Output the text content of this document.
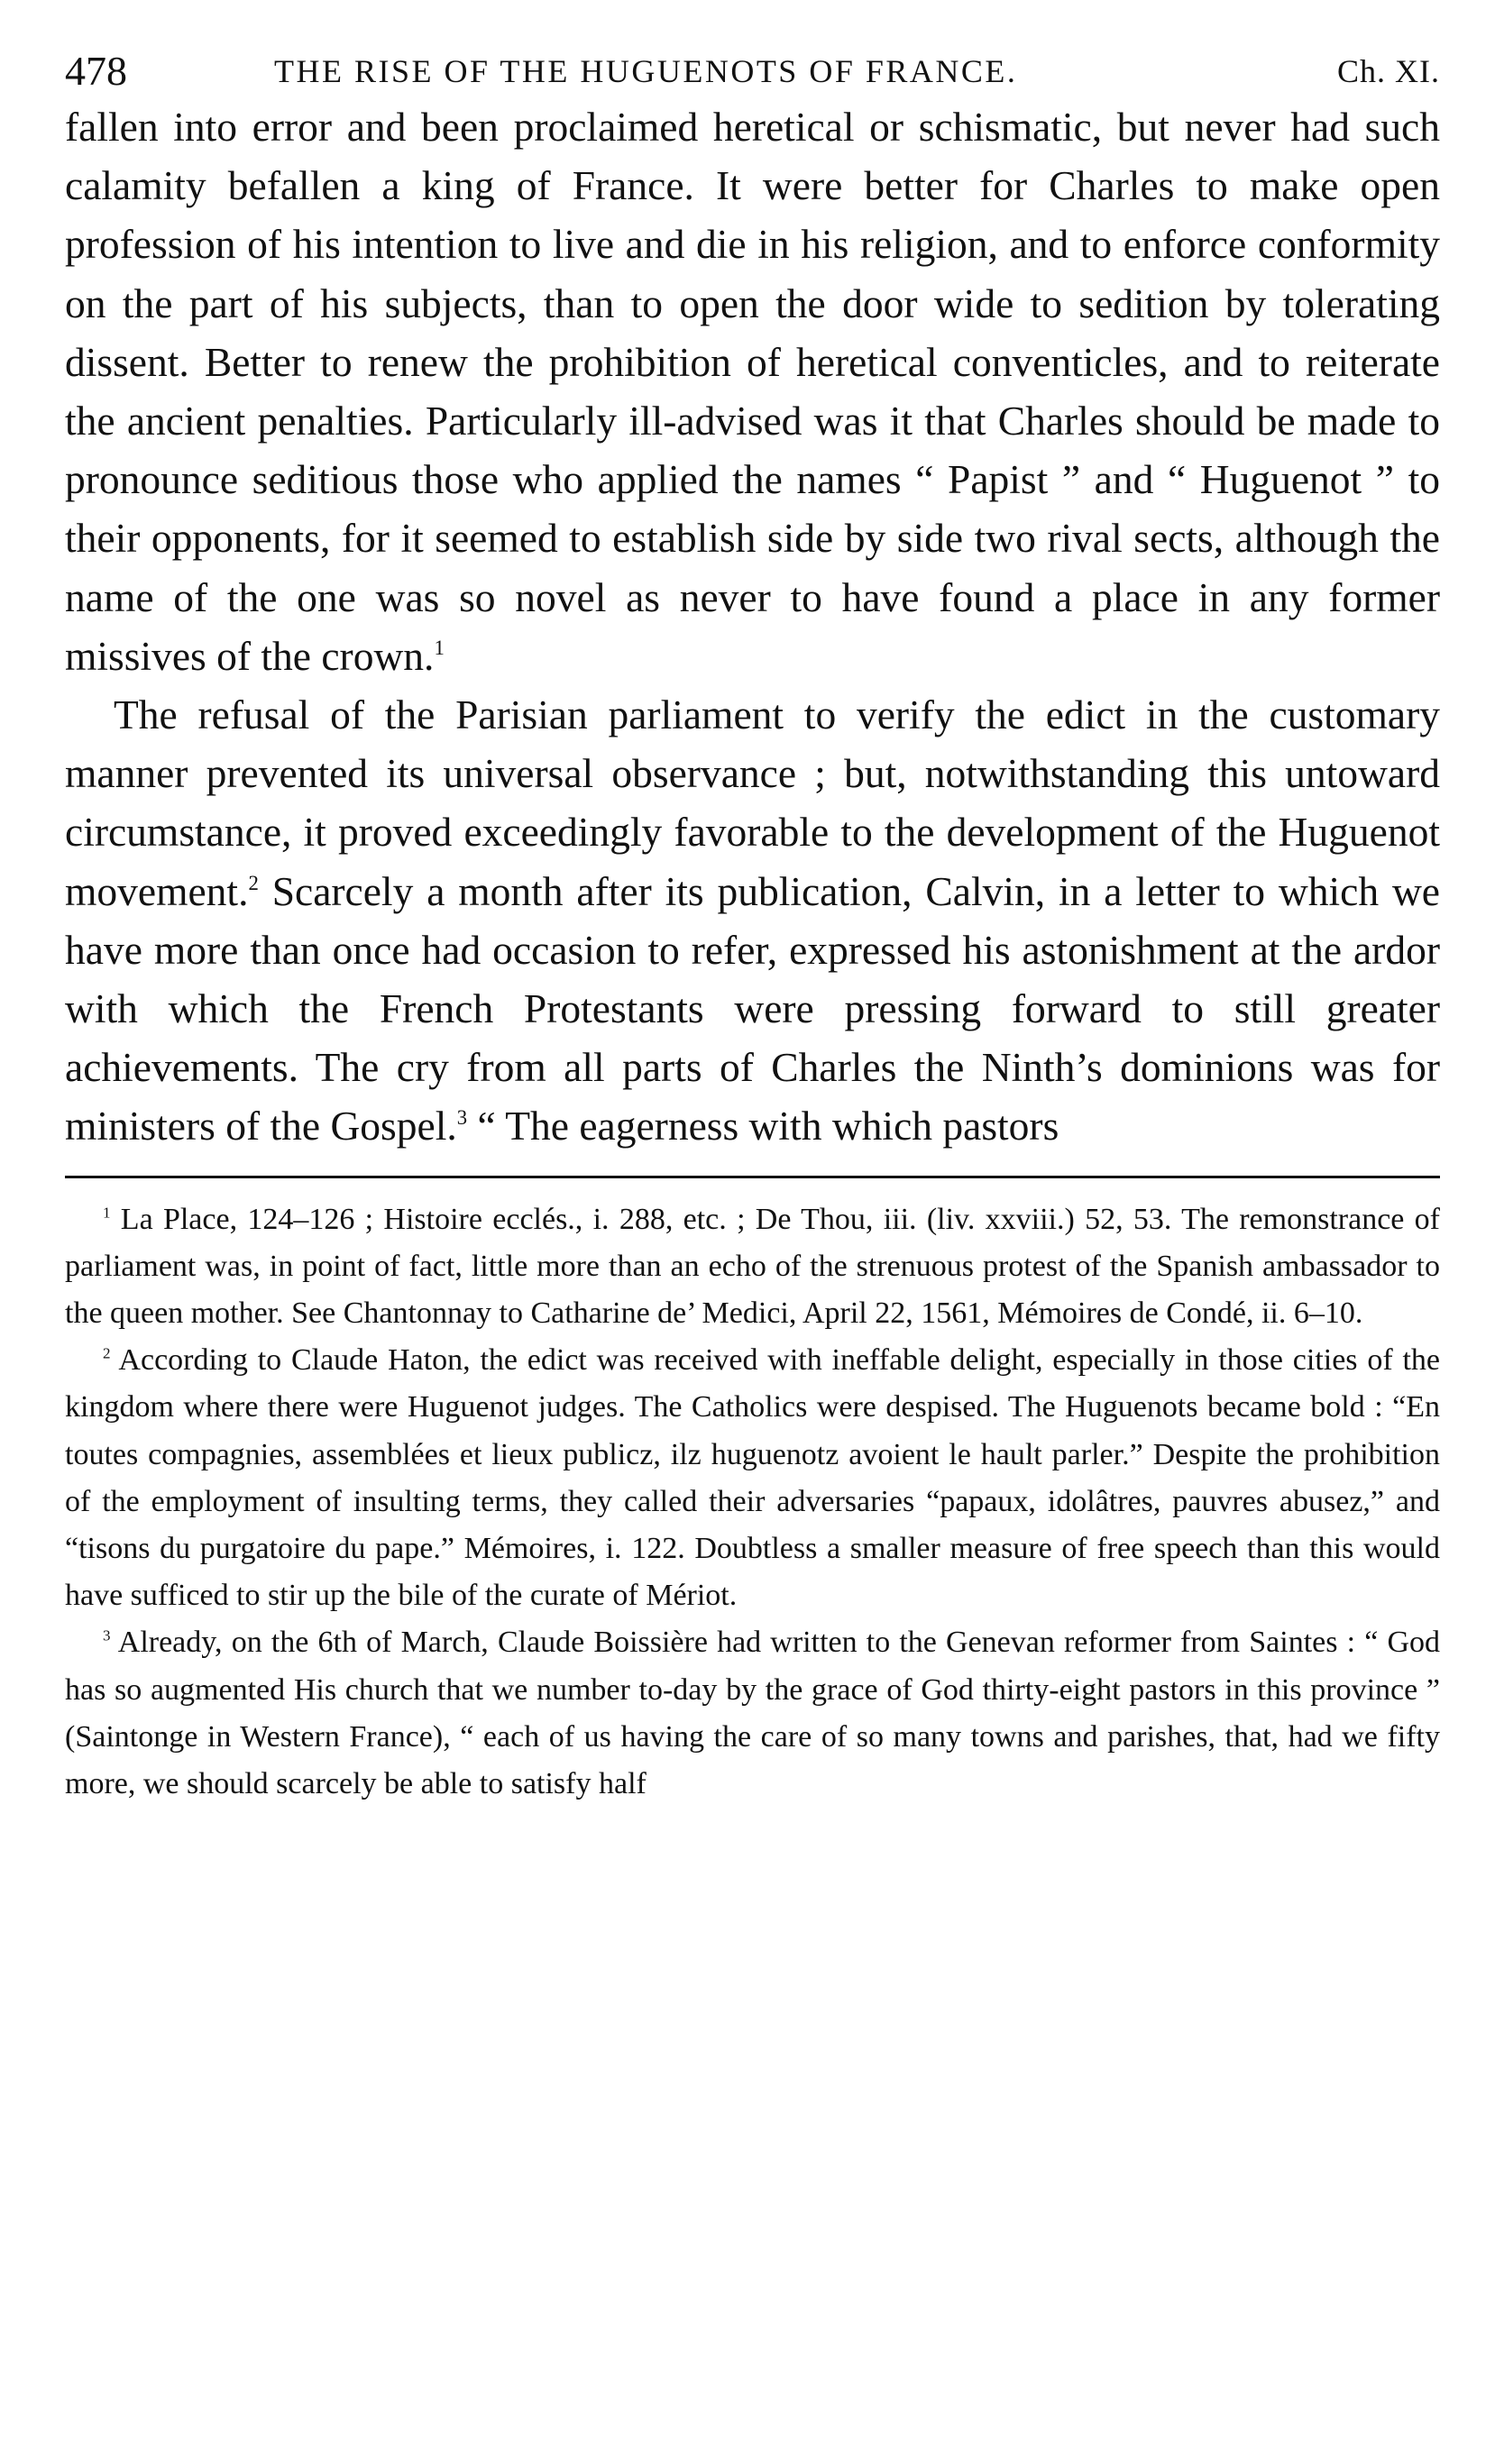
478	THE RISE OF THE HUGUENOTS OF FRANCE.	Ch. XI.

fallen into error and been proclaimed heretical or schismatic, but never had such calamity befallen a king of France. It were better for Charles to make open profession of his intention to live and die in his religion, and to enforce conformity on the part of his subjects, than to open the door wide to sedition by tolerating dissent. Better to renew the prohibition of heretical conventicles, and to reiterate the ancient penalties. Particularly ill-advised was it that Charles should be made to pronounce seditious those who applied the names “ Papist ” and “ Huguenot ” to their opponents, for it seemed to establish side by side two rival sects, although the name of the one was so novel as never to have found a place in any former missives of the crown.$^1$

The refusal of the Parisian parliament to verify the edict in the customary manner prevented its universal observance ; but, notwithstanding this untoward circumstance, it proved exceedingly favorable to the development of the Huguenot movement.$^2$ Scarcely a month after its publication, Calvin, in a letter to which we have more than once had occasion to refer, expressed his astonishment at the ardor with which the French Protestants were pressing forward to still greater achievements. The cry from all parts of Charles the Ninth’s dominions was for ministers of the Gospel.$^3$ “ The eagerness with which pastors

$^1$ La Place, 124–126 ; Histoire ecclés., i. 288, etc. ; De Thou, iii. (liv. xxviii.) 52, 53. The remonstrance of parliament was, in point of fact, little more than an echo of the strenuous protest of the Spanish ambassador to the queen mother. See Chantonnay to Catharine de’ Medici, April 22, 1561, Mémoires de Condé, ii. 6–10.

$^2$ According to Claude Haton, the edict was received with ineffable delight, especially in those cities of the kingdom where there were Huguenot judges. The Catholics were despised. The Huguenots became bold : “En toutes compagnies, assemblées et lieux publicz, ilz huguenotz avoient le hault parler.” Despite the prohibition of the employment of insulting terms, they called their adversaries “papaux, idolâtres, pauvres abusez,” and “tisons du purgatoire du pape.” Mémoires, i. 122. Doubtless a smaller measure of free speech than this would have sufficed to stir up the bile of the curate of Mériot.

$^3$ Already, on the 6th of March, Claude Boissière had written to the Genevan reformer from Saintes : “ God has so augmented His church that we number to-day by the grace of God thirty-eight pastors in this province ” (Saintonge in Western France), “ each of us having the care of so many towns and parishes, that, had we fifty more, we should scarcely be able to satisfy half
